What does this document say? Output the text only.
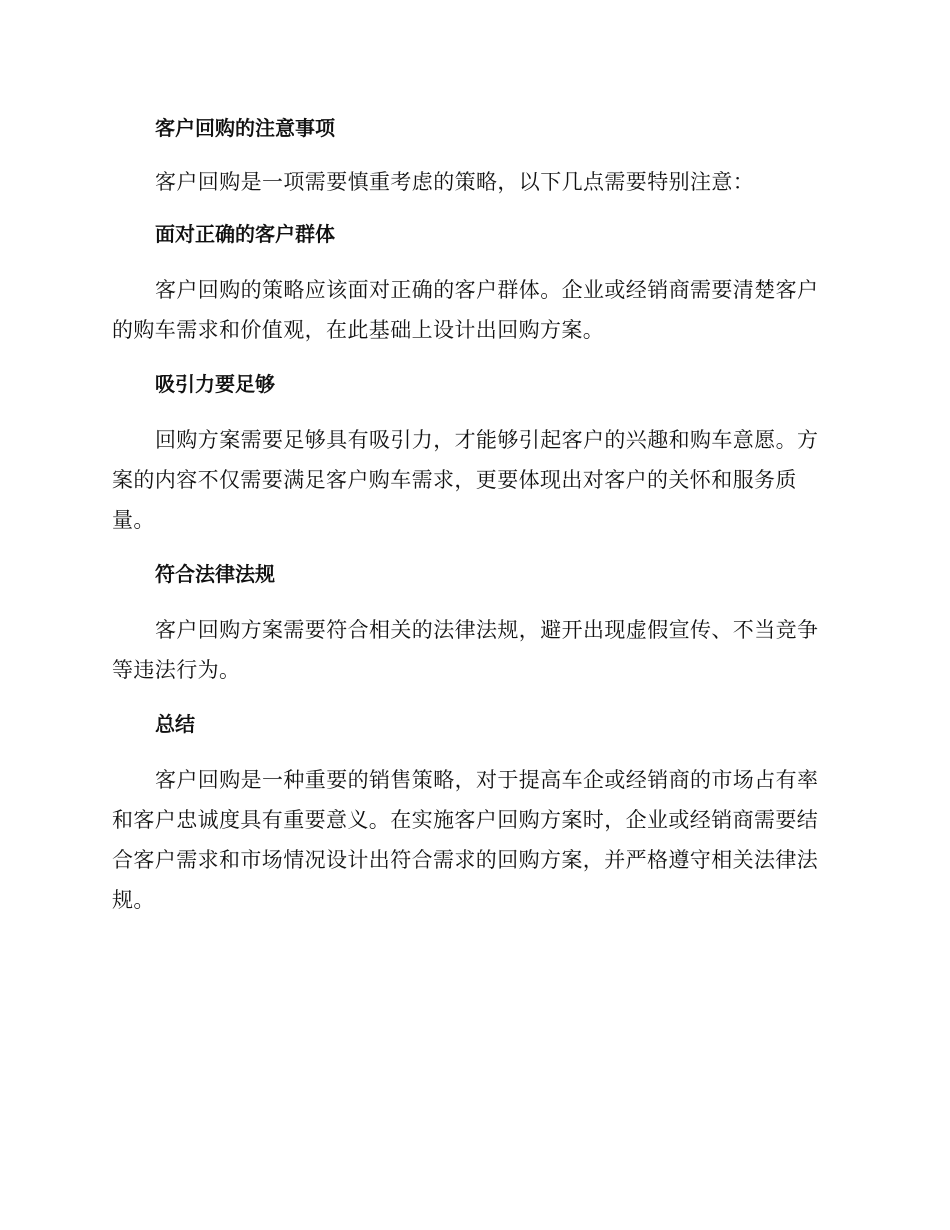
客户回购的注意事项
客户回购是一项需要慎重考虑的策略，以下几点需要特别注意：
面对正确的客户群体
客户回购的策略应该面对正确的客户群体。企业或经销商需要清楚客户
的购车需求和价值观，在此基础上设计出回购方案。
吸引力要足够
回购方案需要足够具有吸引力，才能够引起客户的兴趣和购车意愿。方
案的内容不仅需要满足客户购车需求，更要体现出对客户的关怀和服务质
量。
符合法律法规
客户回购方案需要符合相关的法律法规，避开出现虚假宣传、不当竞争
等违法行为。
总结
客户回购是一种重要的销售策略，对于提高车企或经销商的市场占有率
和客户忠诚度具有重要意义。在实施客户回购方案时，企业或经销商需要结
合客户需求和市场情况设计出符合需求的回购方案，并严格遵守相关法律法
规。
